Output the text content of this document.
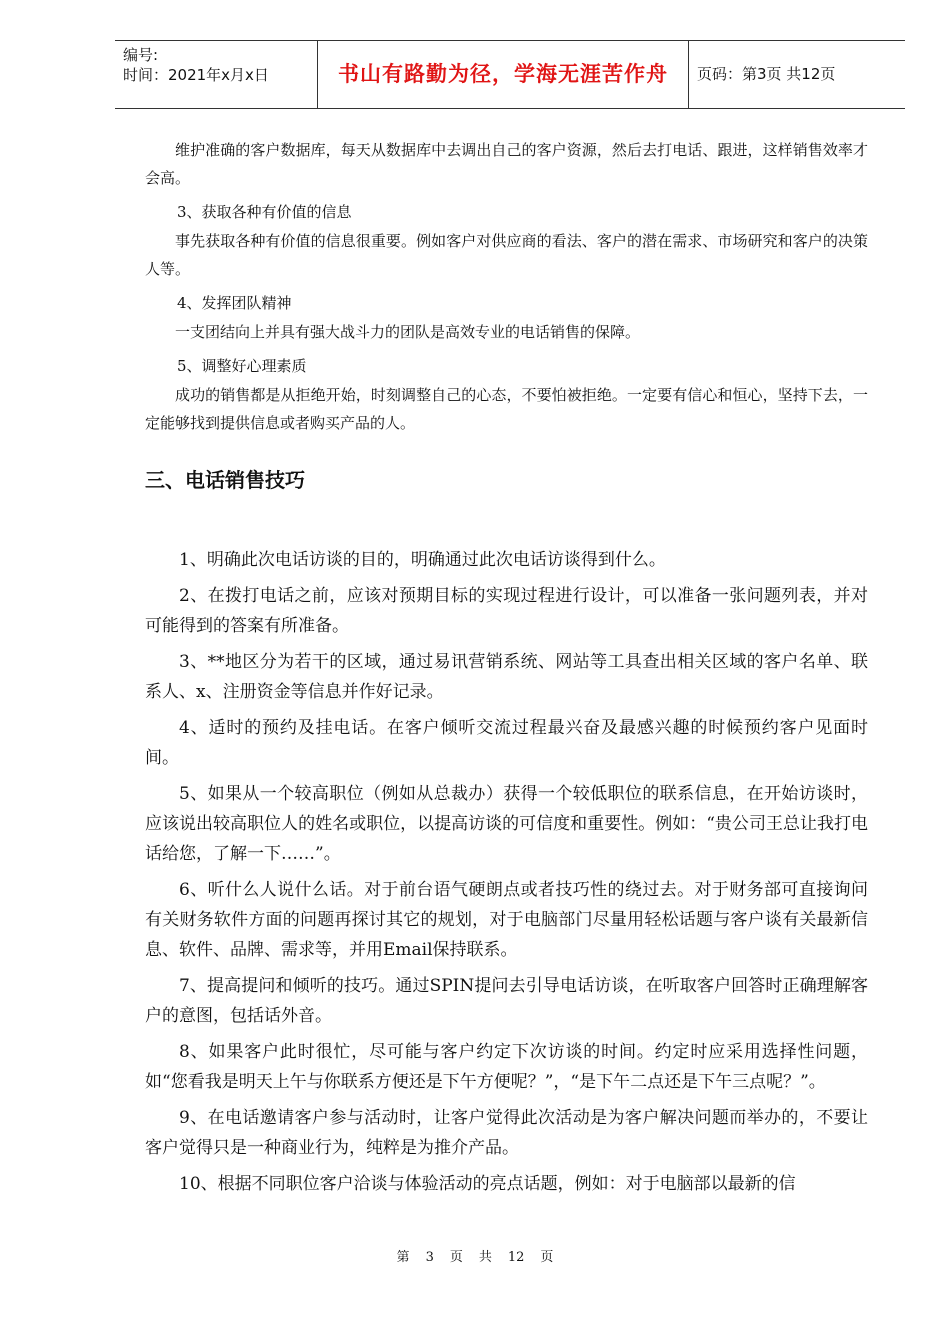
编号:
时间：2021年x月x日	书山有路勤为径，学海无涯苦作舟	页码：第3页 共12页

维护准确的客户数据库，每天从数据库中去调出自己的客户资源，然后去打电话、跟进，这样销售效率才会高。

3、获取各种有价值的信息

事先获取各种有价值的信息很重要。例如客户对供应商的看法、客户的潜在需求、市场研究和客户的决策人等。

4、发挥团队精神

一支团结向上并具有强大战斗力的团队是高效专业的电话销售的保障。

5、调整好心理素质

成功的销售都是从拒绝开始，时刻调整自己的心态，不要怕被拒绝。一定要有信心和恒心，坚持下去，一定能够找到提供信息或者购买产品的人。

三、电话销售技巧

1、明确此次电话访谈的目的，明确通过此次电话访谈得到什么。

2、在拨打电话之前，应该对预期目标的实现过程进行设计，可以准备一张问题列表，并对可能得到的答案有所准备。

3、**地区分为若干的区域，通过易讯营销系统、网站等工具查出相关区域的客户名单、联系人、x、注册资金等信息并作好记录。

4、适时的预约及挂电话。在客户倾听交流过程最兴奋及最感兴趣的时候预约客户见面时间。

5、如果从一个较高职位（例如从总裁办）获得一个较低职位的联系信息，在开始访谈时，应该说出较高职位人的姓名或职位，以提高访谈的可信度和重要性。例如：“贵公司王总让我打电话给您，了解一下……”。

6、听什么人说什么话。对于前台语气硬朗点或者技巧性的绕过去。对于财务部可直接询问有关财务软件方面的问题再探讨其它的规划，对于电脑部门尽量用轻松话题与客户谈有关最新信息、软件、品牌、需求等，并用Email保持联系。

7、提高提问和倾听的技巧。通过SPIN提问去引导电话访谈，在听取客户回答时正确理解客户的意图，包括话外音。

8、如果客户此时很忙，尽可能与客户约定下次访谈的时间。约定时应采用选择性问题，如“您看我是明天上午与你联系方便还是下午方便呢？”，“是下午二点还是下午三点呢？”。

9、在电话邀请客户参与活动时，让客户觉得此次活动是为客户解决问题而举办的，不要让客户觉得只是一种商业行为，纯粹是为推介产品。

10、根据不同职位客户洽谈与体验活动的亮点话题，例如：对于电脑部以最新的信

第 3 页 共 12 页
